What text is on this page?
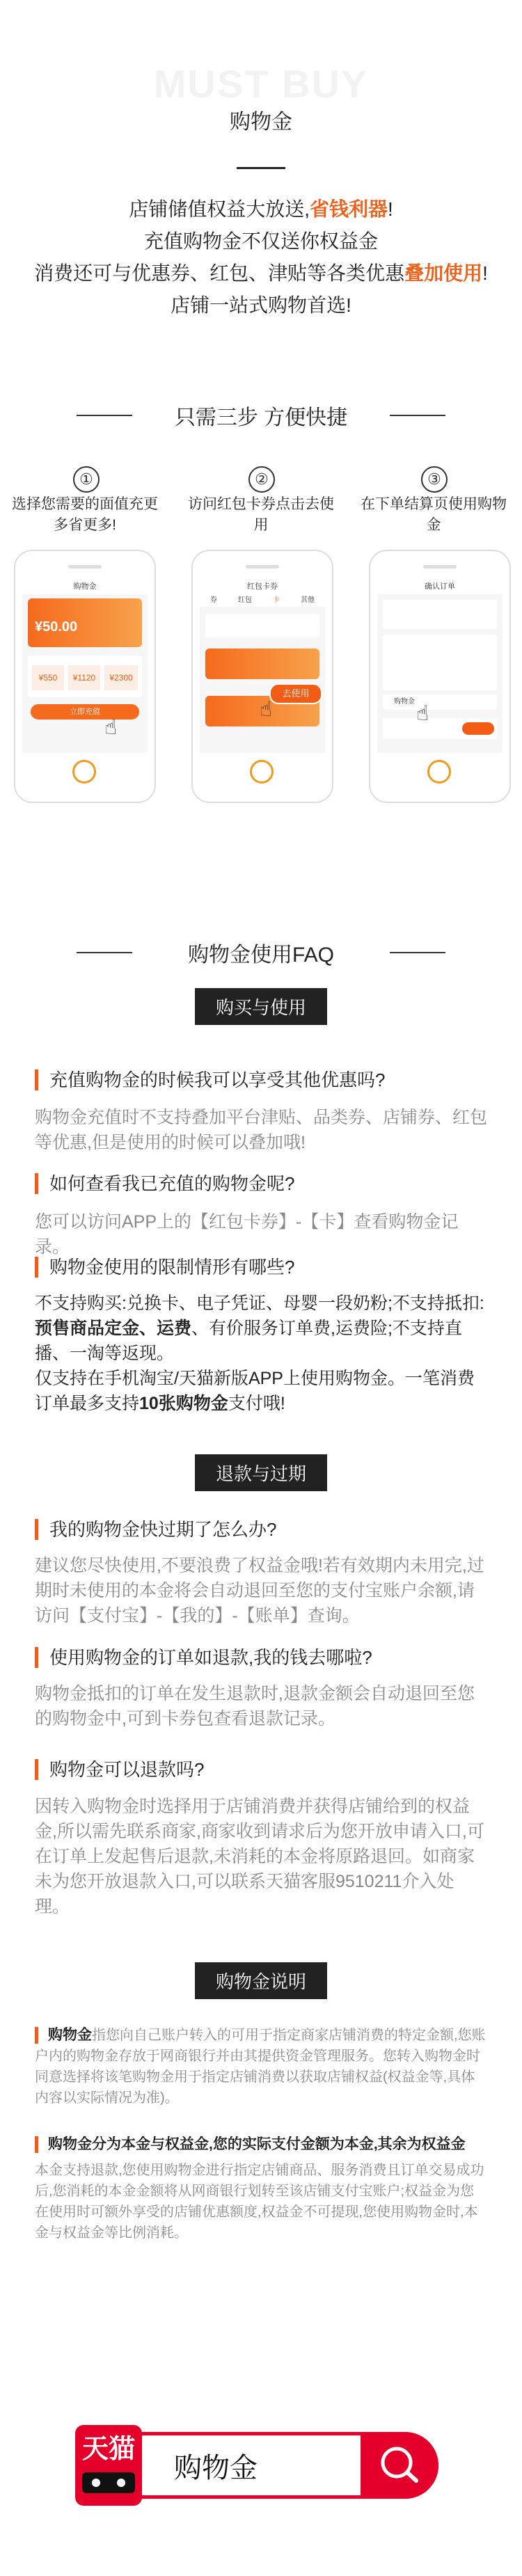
MUST BUY
购物金

店铺储值权益大放送,省钱利器!

充值购物金不仅送你权益金

消费还可与优惠券、红包、津贴等各类优惠叠加使用!

店铺一站式购物首选!

只需三步 方便快捷
①
选择您需要的面值充更多省更多!
②
访问红包卡券点击去使用
③
在下单结算页使用购物金
购物金
¥50.00
¥550	¥1120	¥2300
立即充值
☝
红包卡券
券	红包	卡	其他
去使用
☝
确认订单
购物金
☝
购物金使用FAQ
购买与使用
充值购物金的时候我可以享受其他优惠吗?
购物金充值时不支持叠加平台津贴、品类券、店铺券、红包等优惠,但是使用的时候可以叠加哦!
如何查看我已充值的购物金呢?
您可以访问APP上的【红包卡券】-【卡】查看购物金记录。
购物金使用的限制情形有哪些?
不支持购买:兑换卡、电子凭证、母婴一段奶粉;不支持抵扣:预售商品定金、运费、有价服务订单费,运费险;不支持直播、一淘等返现。
仅支持在手机淘宝/天猫新版APP上使用购物金。一笔消费订单最多支持10张购物金支付哦!
退款与过期
我的购物金快过期了怎么办?
建议您尽快使用,不要浪费了权益金哦!若有效期内未用完,过期时未使用的本金将会自动退回至您的支付宝账户余额,请访问【支付宝】-【我的】-【账单】查询。
使用购物金的订单如退款,我的钱去哪啦?
购物金抵扣的订单在发生退款时,退款金额会自动退回至您的购物金中,可到卡券包查看退款记录。
购物金可以退款吗?
因转入购物金时选择用于店铺消费并获得店铺给到的权益金,所以需先联系商家,商家收到请求后为您开放申请入口,可在订单上发起售后退款,未消耗的本金将原路退回。如商家未为您开放退款入口,可以联系天猫客服9510211介入处理。
购物金说明
购物金指您向自己账户转入的可用于指定商家店铺消费的特定金额,您账户内的购物金存放于网商银行并由其提供资金管理服务。您转入购物金时同意选择将该笔购物金用于指定店铺消费以获取店铺权益(权益金等,具体内容以实际情况为准)。
购物金分为本金与权益金,您的实际支付金额为本金,其余为权益金
本金支持退款,您使用购物金进行指定店铺商品、服务消费且订单交易成功后,您消耗的本金金额将从网商银行划转至该店铺支付宝账户;权益金为您在使用时可额外享受的店铺优惠额度,权益金不可提现,您使用购物金时,本金与权益金等比例消耗。
天猫
购物金
